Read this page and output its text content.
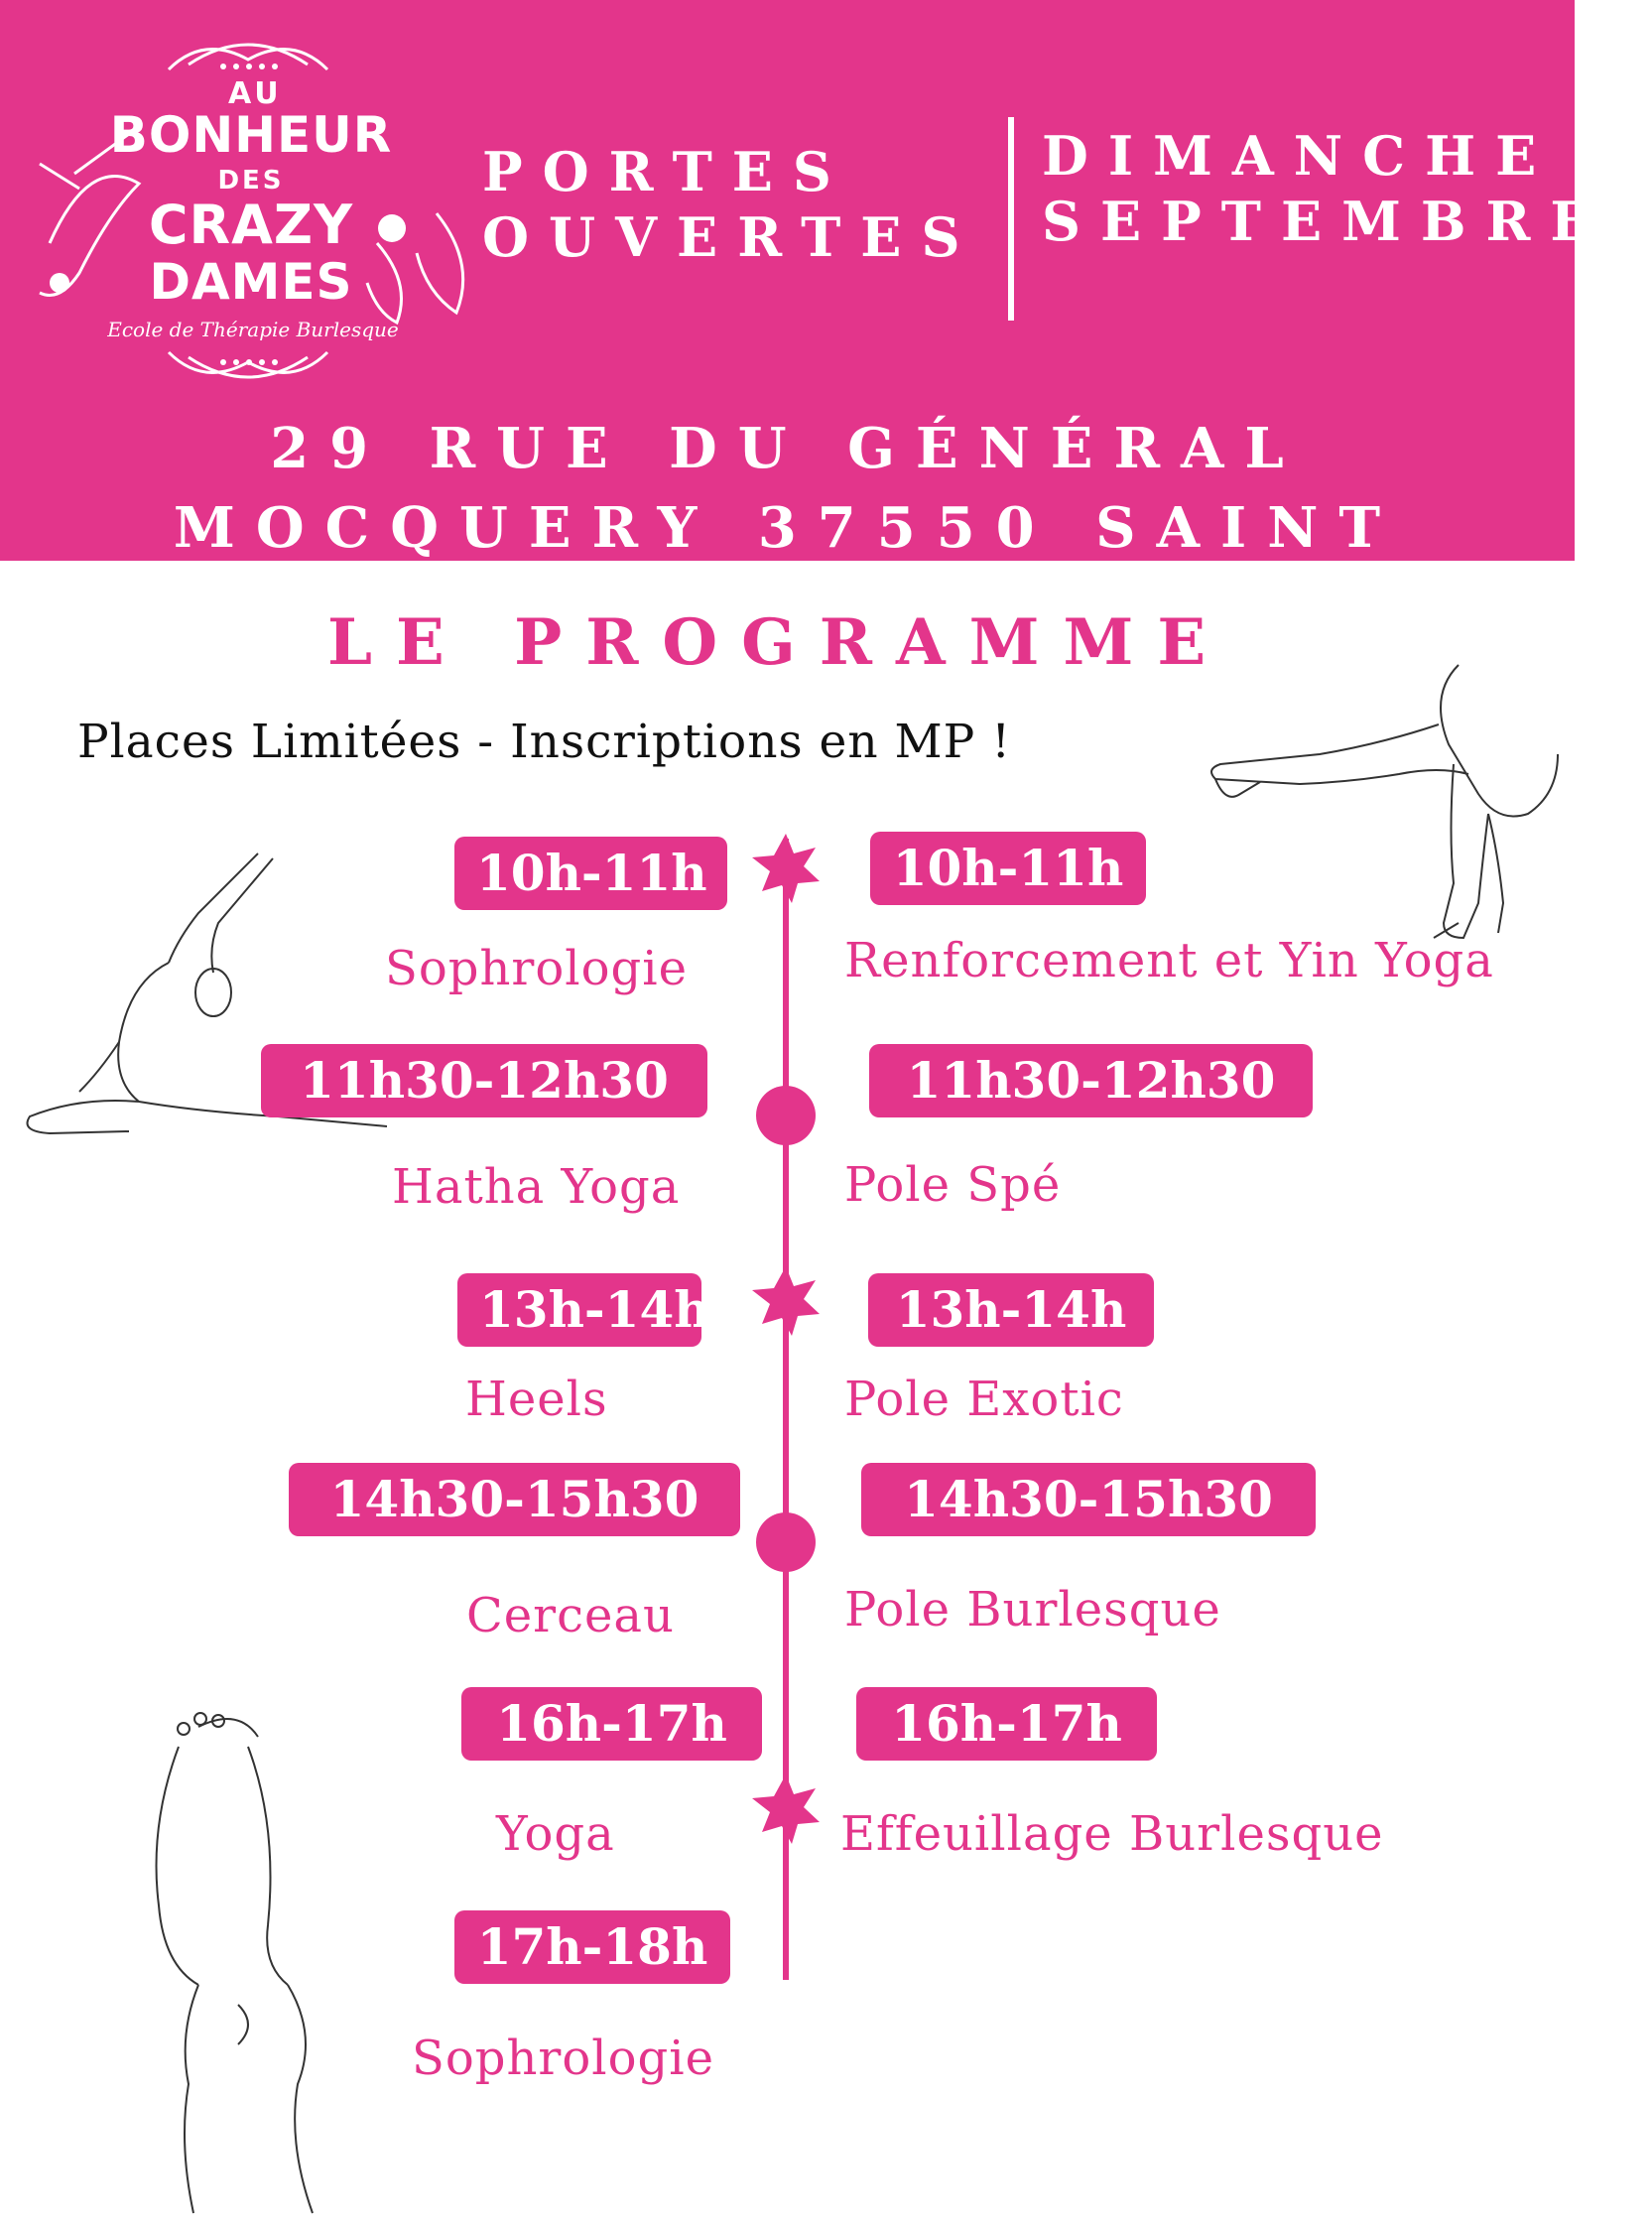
AU
BONHEUR
DES
CRAZY
DAMES
Ecole de Thérapie Burlesque
PORTES
OUVERTES
DIMANCHE 7
SEPTEMBRE
29 RUE DU GÉNÉRAL
MOCQUERY 37550 SAINT
LE PROGRAMME
Places Limitées - Inscriptions en MP !
10h-11h
Sophrologie
11h30-12h30
Hatha Yoga
13h-14h
Heels
14h30-15h30
Cerceau
16h-17h
Yoga
17h-18h
Sophrologie
10h-11h
Renforcement et Yin Yoga
11h30-12h30
Pole Spé
13h-14h
Pole Exotic
14h30-15h30
Pole Burlesque
16h-17h
Effeuillage Burlesque
